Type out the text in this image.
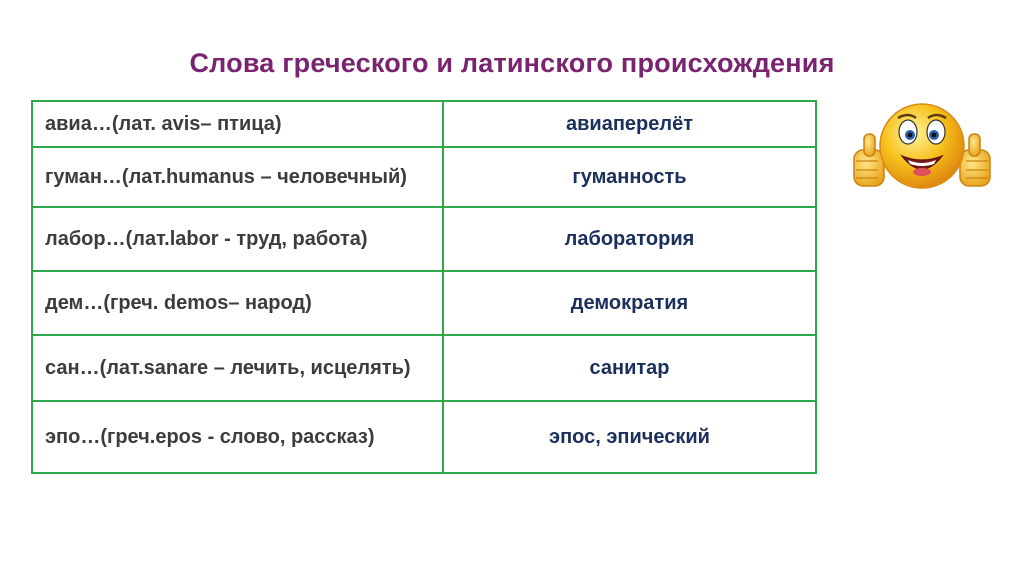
Слова греческого и латинского происхождения
авиа…(лат. avis– птица)	авиаперелёт
гуман…(лат.humanus – человечный)	гуманность
лабор…(лат.labor - труд, работа)	лаборатория
дем…(греч. demos– народ)	демократия
сан…(лат.sanare – лечить, исцелять)	санитар
эпо…(греч.epos - слово, рассказ)	эпос, эпический
